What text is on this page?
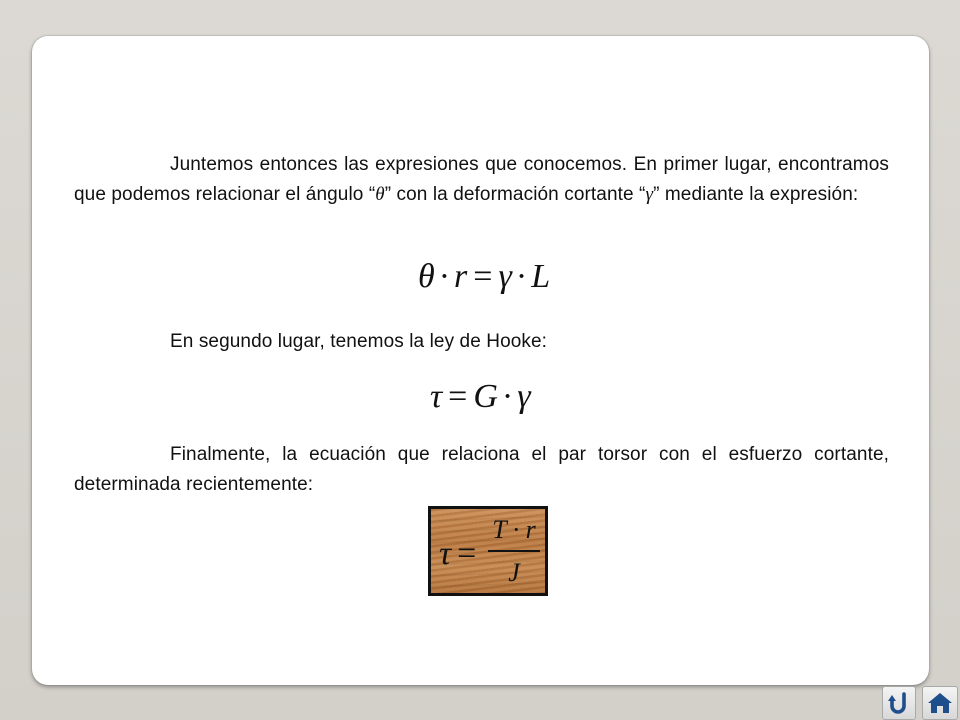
Juntemos entonces las expresiones que conocemos. En primer lugar, encontramos que podemos relacionar el ángulo “θ” con la deformación cortante “γ” mediante la expresión:

θ · r = γ · L

En segundo lugar, tenemos la ley de Hooke:

τ = G · γ

Finalmente, la ecuación que relaciona el par torsor con el esfuerzo cortante, determinada recientemente:

τ =
T · r
J
